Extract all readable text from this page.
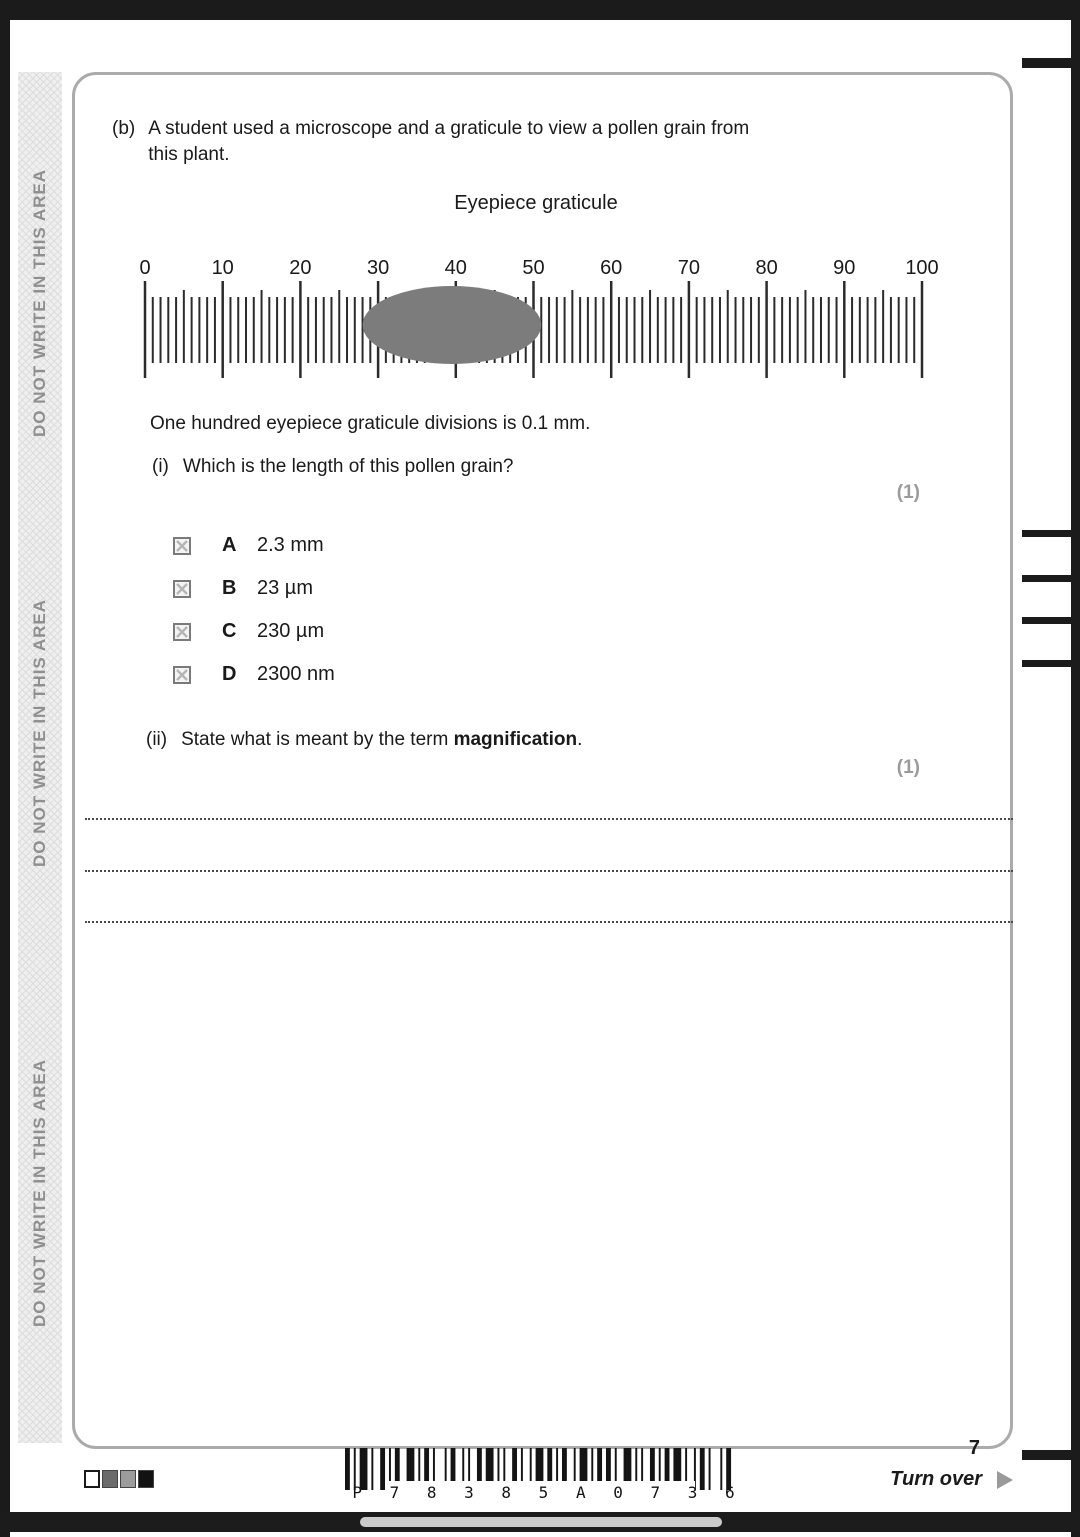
DO NOT WRITE IN THIS AREA
DO NOT WRITE IN THIS AREA
DO NOT WRITE IN THIS AREA
(b) A student used a microscope and a graticule to view a pollen grain from
this plant.
Eyepiece graticule
0	10	20	30	40	50	60	70	80	90 100
One hundred eyepiece graticule divisions is 0.1 mm.
(i) Which is the length of this pollen grain?
(1)
A 2.3 mm
B 23 µm
C 230 µm
D 2300 nm
(ii) State what is meant by the term magnification.
(1)
7
Turn over
P 7 8 3 8 5 A 0 7 3 6
